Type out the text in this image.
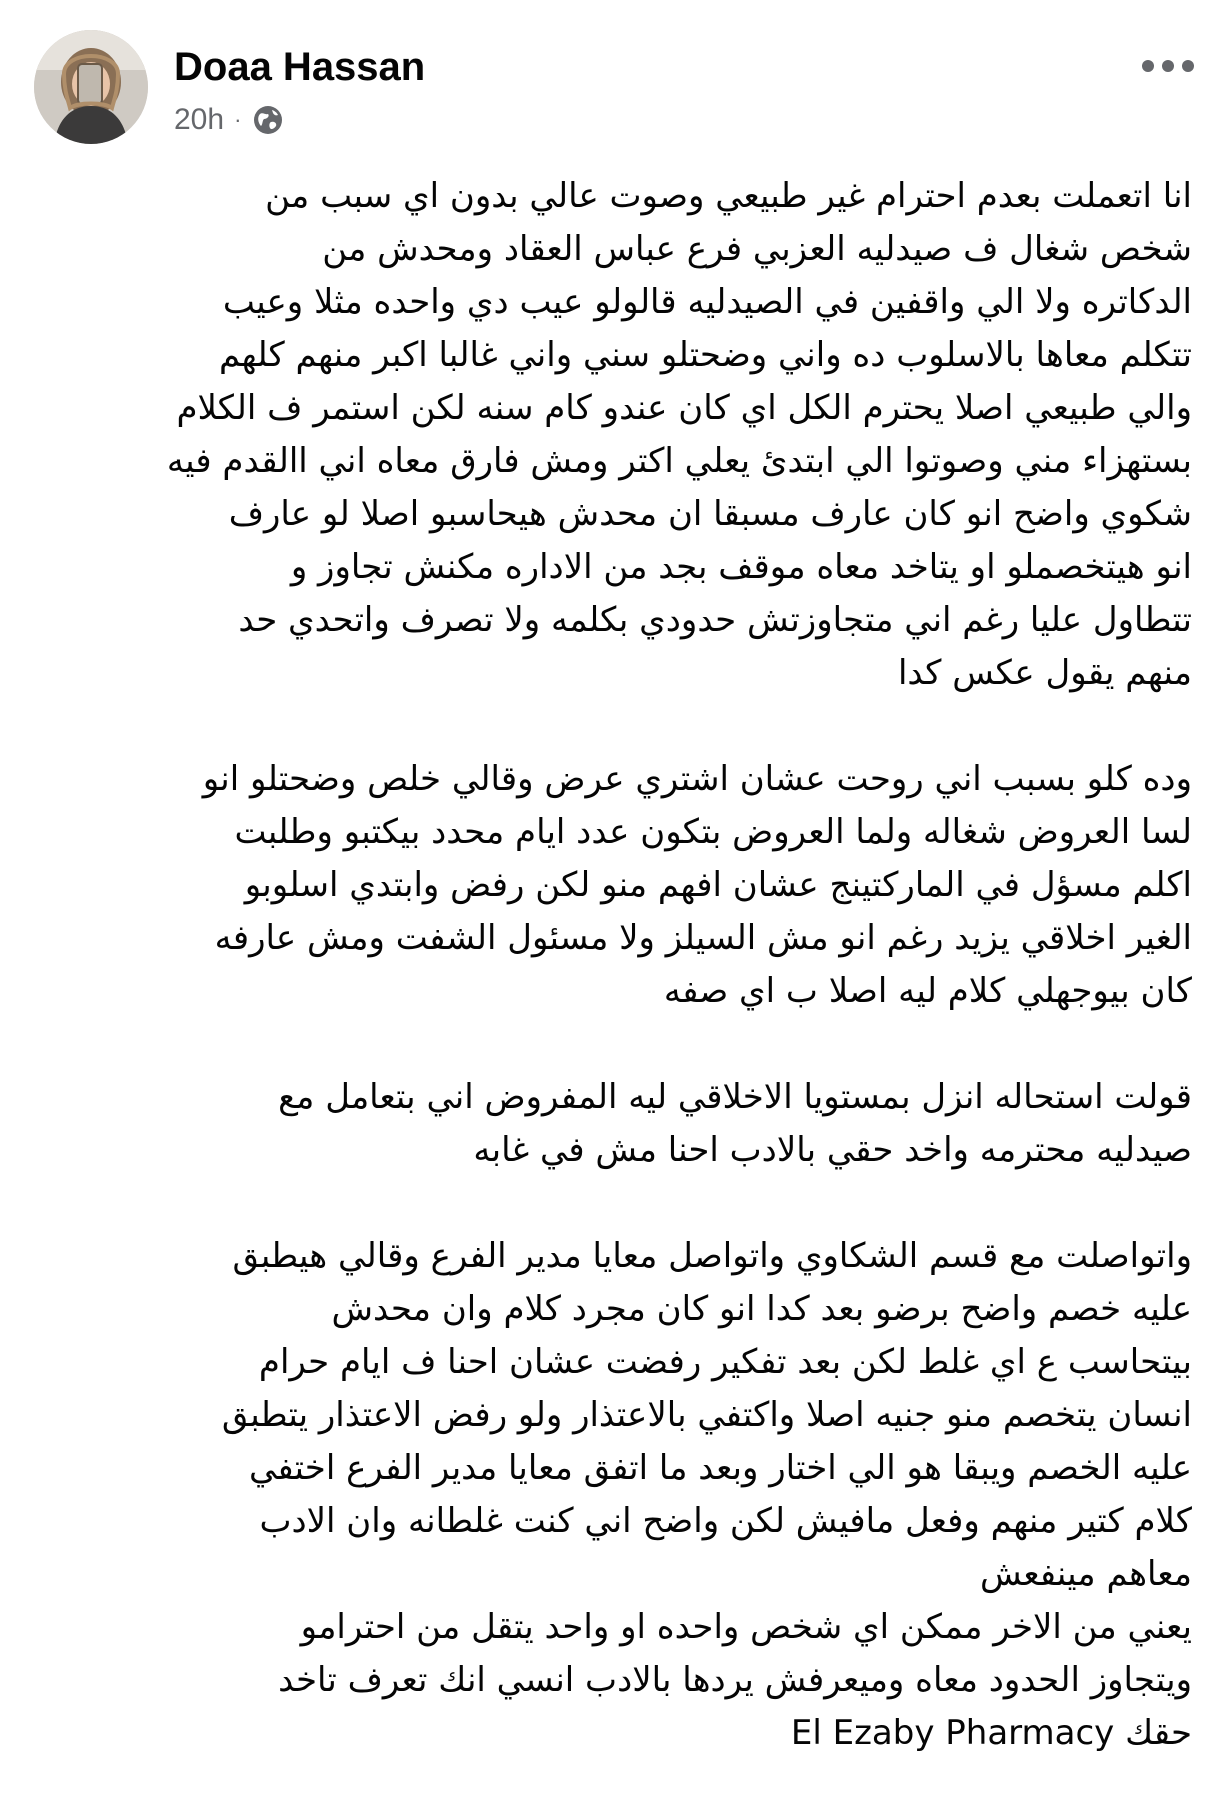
Doaa Hassan
20h ·
انا اتعملت بعدم احترام غير طبيعي وصوت عالي بدون اي سبب من
شخص شغال ف صيدليه العزبي فرع عباس العقاد ومحدش من
الدكاتره ولا الي واقفين في الصيدليه قالولو عيب دي واحده مثلا وعيب
تتكلم معاها بالاسلوب ده واني وضحتلو سني واني غالبا اكبر منهم كلهم
والي طبيعي اصلا يحترم الكل اي كان عندو كام سنه لكن استمر ف الكلام
بستهزاء مني وصوتوا الي ابتدئ يعلي اكتر ومش فارق معاه اني االقدم فيه
شكوي واضح انو كان عارف مسبقا ان محدش هيحاسبو اصلا لو عارف
انو هيتخصملو او يتاخد معاه موقف بجد من الاداره مكنش تجاوز و
تتطاول عليا رغم اني متجاوزتش حدودي بكلمه ولا تصرف واتحدي حد
منهم يقول عكس كدا
وده كلو بسبب اني روحت عشان اشتري عرض وقالي خلص وضحتلو انو
لسا العروض شغاله ولما العروض بتكون عدد ايام محدد بيكتبو وطلبت
اكلم مسؤل في الماركتينج عشان افهم منو لكن رفض وابتدي اسلوبو
الغير اخلاقي يزيد رغم انو مش السيلز ولا مسئول الشفت ومش عارفه
كان بيوجهلي كلام ليه اصلا ب اي صفه
قولت استحاله انزل بمستويا الاخلاقي ليه المفروض اني بتعامل مع
صيدليه محترمه واخد حقي بالادب احنا مش في غابه
واتواصلت مع قسم الشكاوي واتواصل معايا مدير الفرع وقالي هيطبق
عليه خصم واضح برضو بعد كدا انو كان مجرد كلام وان محدش
بيتحاسب ع اي غلط لكن بعد تفكير رفضت عشان احنا ف ايام حرام
انسان يتخصم منو جنيه اصلا واكتفي بالاعتذار ولو رفض الاعتذار يتطبق
عليه الخصم ويبقا هو الي اختار وبعد ما اتفق معايا مدير الفرع اختفي
كلام كتير منهم وفعل مافيش لكن واضح اني كنت غلطانه وان الادب
معاهم مينفعش
يعني من الاخر ممكن اي شخص واحده او واحد يتقل من احترامو
ويتجاوز الحدود معاه وميعرفش يردها بالادب انسي انك تعرف تاخد
حقك El Ezaby Pharmacy
